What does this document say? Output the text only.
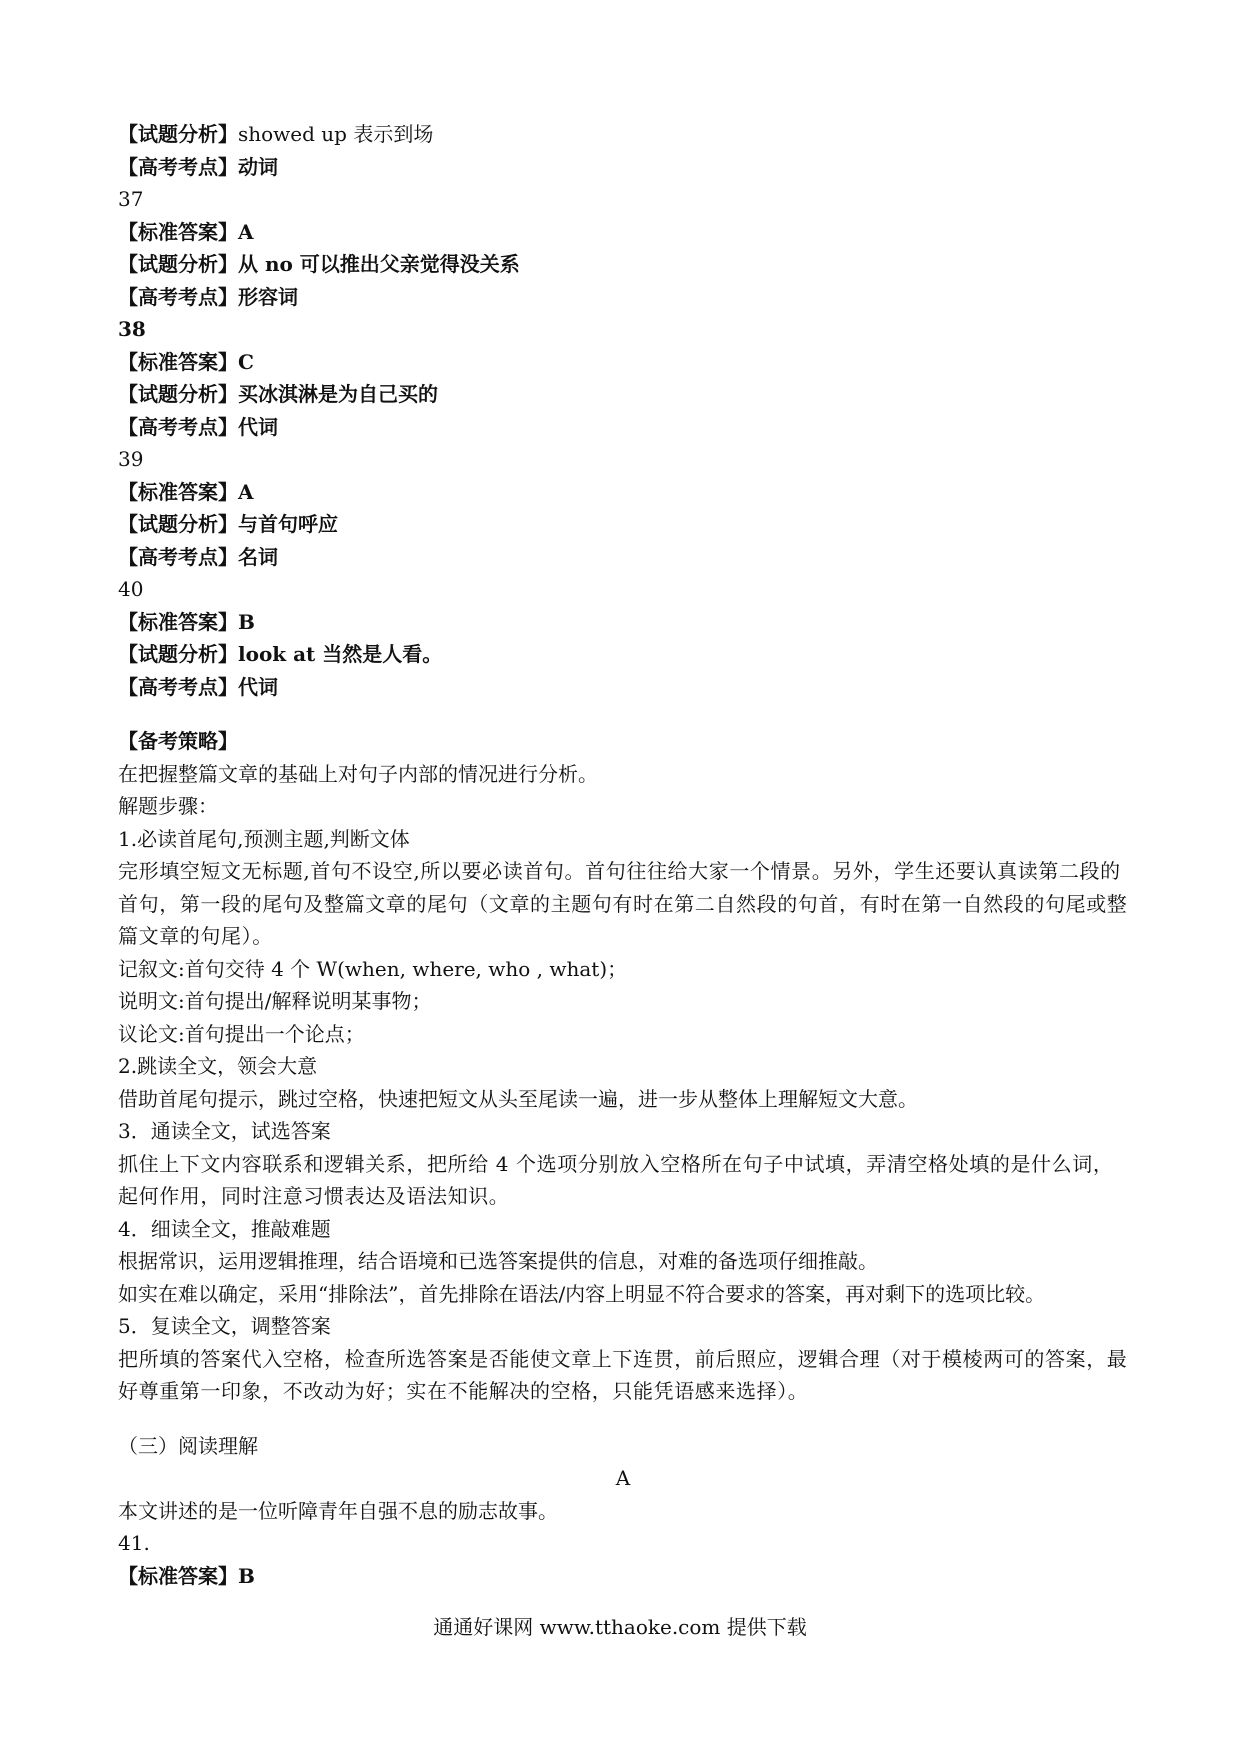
【试题分析】showed up 表示到场
【高考考点】动词
37
【标准答案】A
【试题分析】从 no 可以推出父亲觉得没关系
【高考考点】形容词
38
【标准答案】C
【试题分析】买冰淇淋是为自己买的
【高考考点】代词
39
【标准答案】A
【试题分析】与首句呼应
【高考考点】名词
40
【标准答案】B
【试题分析】look at 当然是人看。
【高考考点】代词
【备考策略】
在把握整篇文章的基础上对句子内部的情况进行分析。
解题步骤：
1.必读首尾句,预测主题,判断文体
完形填空短文无标题,首句不设空,所以要必读首句。首句往往给大家一个情景。另外，学生还要认真读第二段的首句，第一段的尾句及整篇文章的尾句（文章的主题句有时在第二自然段的句首，有时在第一自然段的句尾或整篇文章的句尾）。
记叙文:首句交待 4 个 W(when, where, who , what)；
说明文:首句提出/解释说明某事物；
议论文:首句提出一个论点；
2.跳读全文，领会大意
借助首尾句提示，跳过空格，快速把短文从头至尾读一遍，进一步从整体上理解短文大意。
3．通读全文，试选答案
抓住上下文内容联系和逻辑关系，把所给 4 个选项分别放入空格所在句子中试填，弄清空格处填的是什么词，起何作用，同时注意习惯表达及语法知识。
4．细读全文，推敲难题
根据常识，运用逻辑推理，结合语境和已选答案提供的信息，对难的备选项仔细推敲。
如实在难以确定，采用“排除法”，首先排除在语法/内容上明显不符合要求的答案，再对剩下的选项比较。
5．复读全文，调整答案
把所填的答案代入空格，检查所选答案是否能使文章上下连贯，前后照应，逻辑合理（对于模棱两可的答案，最好尊重第一印象，不改动为好；实在不能解决的空格，只能凭语感来选择）。
（三）阅读理解
A
本文讲述的是一位听障青年自强不息的励志故事。
41.
【标准答案】B
通通好课网 www.tthaoke.com 提供下载
